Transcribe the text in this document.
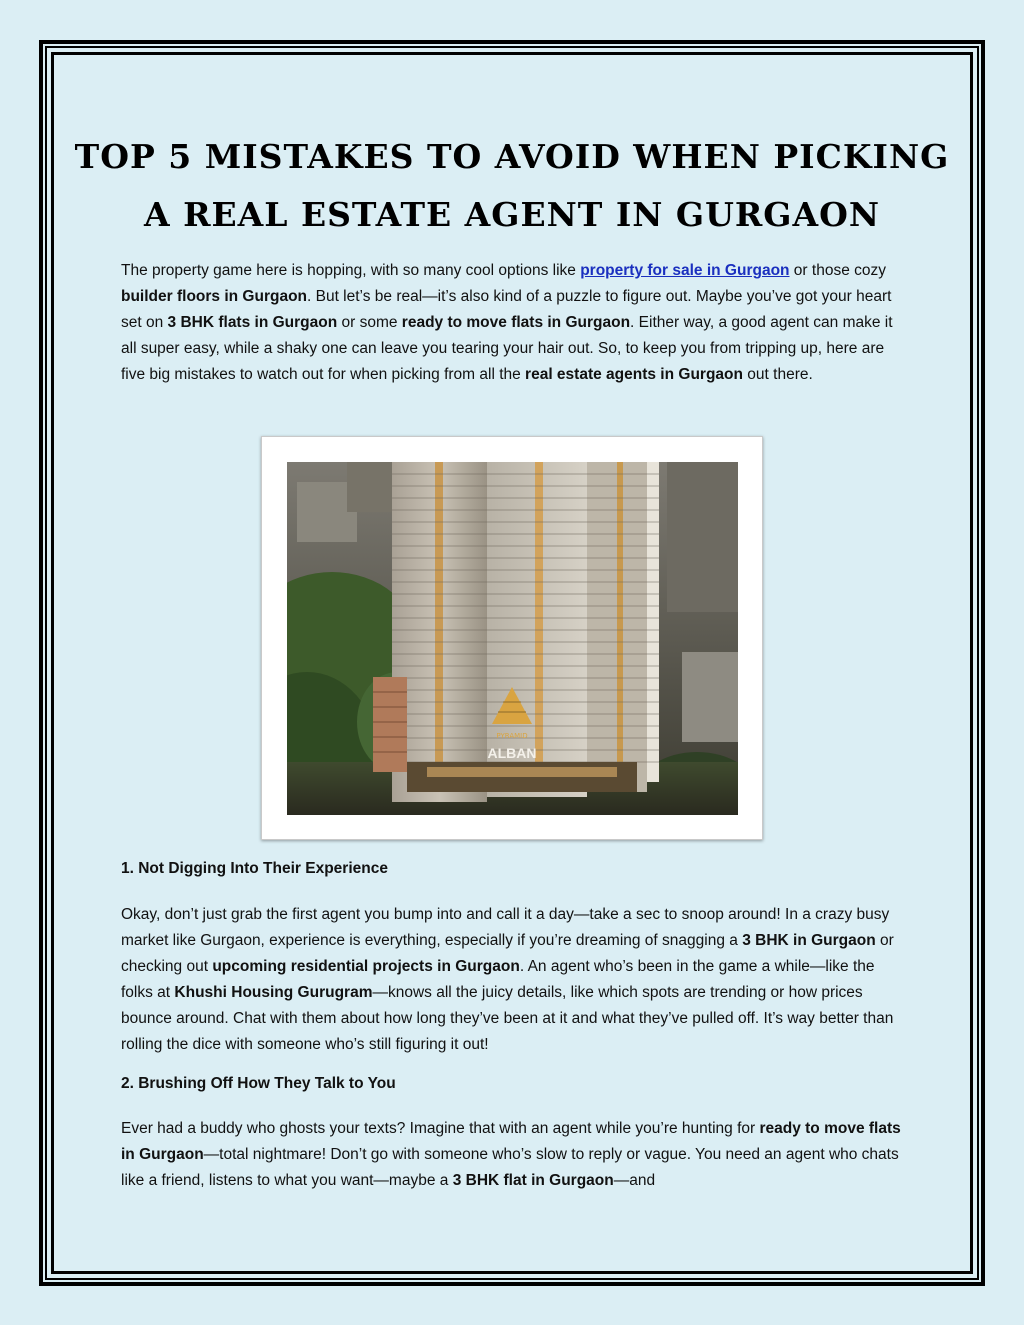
TOP 5 MISTAKES TO AVOID WHEN PICKING
A REAL ESTATE AGENT IN GURGAON

The property game here is hopping, with so many cool options like property for sale in Gurgaon or those cozy builder floors in Gurgaon. But let’s be real—it’s also kind of a puzzle to figure out. Maybe you’ve got your heart set on 3 BHK flats in Gurgaon or some ready to move flats in Gurgaon. Either way, a good agent can make it all super easy, while a shaky one can leave you tearing your hair out. So, to keep you from tripping up, here are five big mistakes to watch out for when picking from all the real estate agents in Gurgaon out there.

PYRAMID
ALBAN
1. Not Digging Into Their Experience

Okay, don’t just grab the first agent you bump into and call it a day—take a sec to snoop around! In a crazy busy market like Gurgaon, experience is everything, especially if you’re dreaming of snagging a 3 BHK in Gurgaon or checking out upcoming residential projects in Gurgaon. An agent who’s been in the game a while—like the folks at Khushi Housing Gurugram—knows all the juicy details, like which spots are trending or how prices bounce around. Chat with them about how long they’ve been at it and what they’ve pulled off. It’s way better than rolling the dice with someone who’s still figuring it out!

2. Brushing Off How They Talk to You

Ever had a buddy who ghosts your texts? Imagine that with an agent while you’re hunting for ready to move flats in Gurgaon—total nightmare! Don’t go with someone who’s slow to reply or vague. You need an agent who chats like a friend, listens to what you want—maybe a 3 BHK flat in Gurgaon—and
